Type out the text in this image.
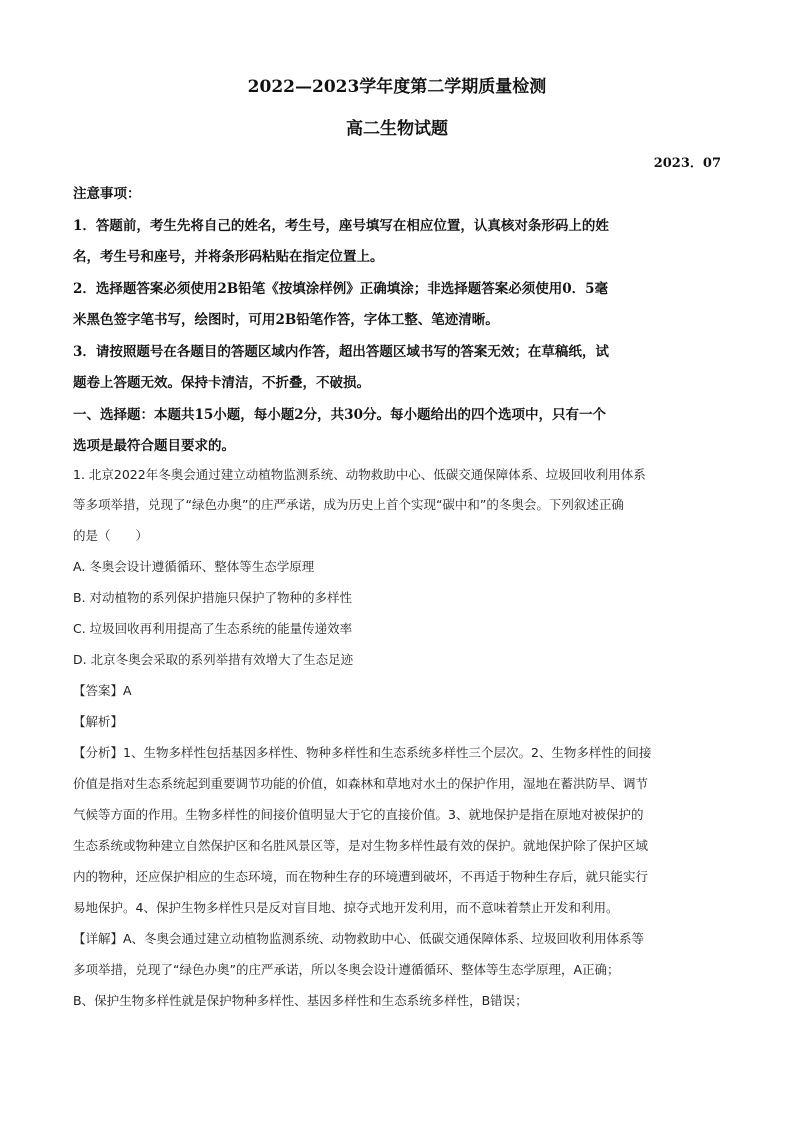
2022—2023学年度第二学期质量检测
高二生物试题
2023．07
注意事项：
1．答题前，考生先将自己的姓名，考生号，座号填写在相应位置，认真核对条形码上的姓
名，考生号和座号，并将条形码粘贴在指定位置上。
2．选择题答案必须使用2B铅笔《按填涂样例》正确填涂；非选择题答案必须使用0．5毫
米黑色签字笔书写，绘图时，可用2B铅笔作答，字体工整、笔迹清晰。
3．请按照题号在各题目的答题区域内作答，超出答题区域书写的答案无效；在草稿纸，试
题卷上答题无效。保持卡清洁，不折叠，不破损。
一、选择题：本题共15小题，每小题2分，共30分。每小题给出的四个选项中，只有一个
选项是最符合题目要求的。
1. 北京2022年冬奥会通过建立动植物监测系统、动物救助中心、低碳交通保障体系、垃圾回收利用体系
等多项举措，兑现了“绿色办奥”的庄严承诺，成为历史上首个实现“碳中和”的冬奥会。下列叙述正确
的是（　　）
A. 冬奥会设计遵循循环、整体等生态学原理
B. 对动植物的系列保护措施只保护了物种的多样性
C. 垃圾回收再利用提高了生态系统的能量传递效率
D. 北京冬奥会采取的系列举措有效增大了生态足迹
【答案】A
【解析】
【分析】1、生物多样性包括基因多样性、物种多样性和生态系统多样性三个层次。2、生物多样性的间接
价值是指对生态系统起到重要调节功能的价值，如森林和草地对水土的保护作用，湿地在蓄洪防旱、调节
气候等方面的作用。生物多样性的间接价值明显大于它的直接价值。3、就地保护是指在原地对被保护的
生态系统或物种建立自然保护区和名胜风景区等，是对生物多样性最有效的保护。就地保护除了保护区域
内的物种，还应保护相应的生态环境，而在物种生存的环境遭到破坏，不再适于物种生存后，就只能实行
易地保护。4、保护生物多样性只是反对盲目地、掠夺式地开发利用，而不意味着禁止开发和利用。
【详解】A、冬奥会通过建立动植物监测系统、动物救助中心、低碳交通保障体系、垃圾回收利用体系等
多项举措，兑现了“绿色办奥”的庄严承诺，所以冬奥会设计遵循循环、整体等生态学原理，A正确；
B、保护生物多样性就是保护物种多样性、基因多样性和生态系统多样性，B错误；
